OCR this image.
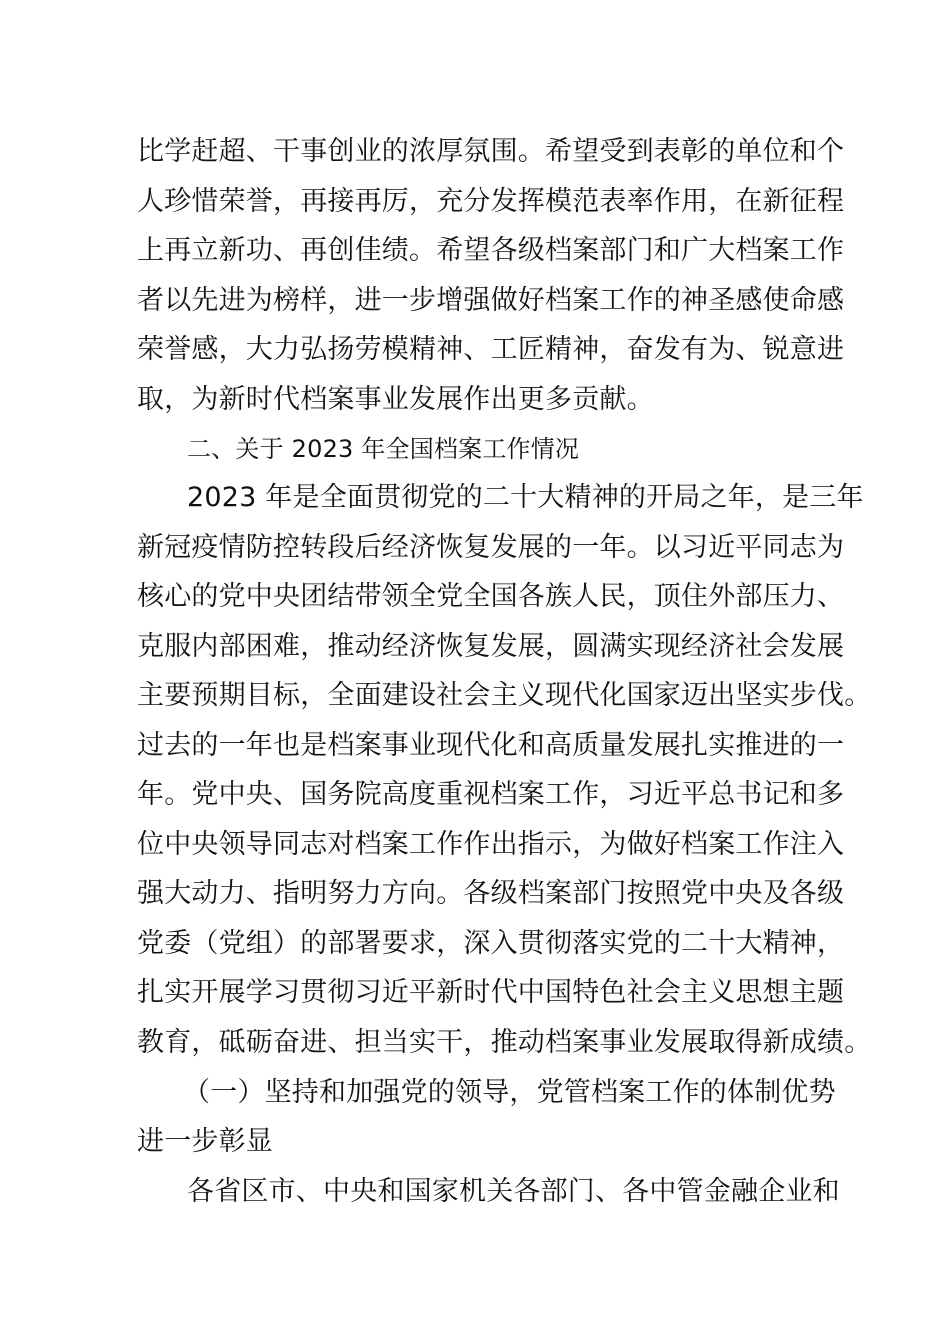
比学赶超、干事创业的浓厚氛围。希望受到表彰的单位和个
人珍惜荣誉，再接再厉，充分发挥模范表率作用，在新征程
上再立新功、再创佳绩。希望各级档案部门和广大档案工作
者以先进为榜样，进一步增强做好档案工作的神圣感使命感
荣誉感，大力弘扬劳模精神、工匠精神，奋发有为、锐意进
取，为新时代档案事业发展作出更多贡献。
二、关于 2023 年全国档案工作情况
2023 年是全面贯彻党的二十大精神的开局之年，是三年
新冠疫情防控转段后经济恢复发展的一年。以习近平同志为
核心的党中央团结带领全党全国各族人民，顶住外部压力、
克服内部困难，推动经济恢复发展，圆满实现经济社会发展
主要预期目标，全面建设社会主义现代化国家迈出坚实步伐。
过去的一年也是档案事业现代化和高质量发展扎实推进的一
年。党中央、国务院高度重视档案工作，习近平总书记和多
位中央领导同志对档案工作作出指示，为做好档案工作注入
强大动力、指明努力方向。各级档案部门按照党中央及各级
党委（党组）的部署要求，深入贯彻落实党的二十大精神，
扎实开展学习贯彻习近平新时代中国特色社会主义思想主题
教育，砥砺奋进、担当实干，推动档案事业发展取得新成绩。
（一）坚持和加强党的领导，党管档案工作的体制优势
进一步彰显
各省区市、中央和国家机关各部门、各中管金融企业和
